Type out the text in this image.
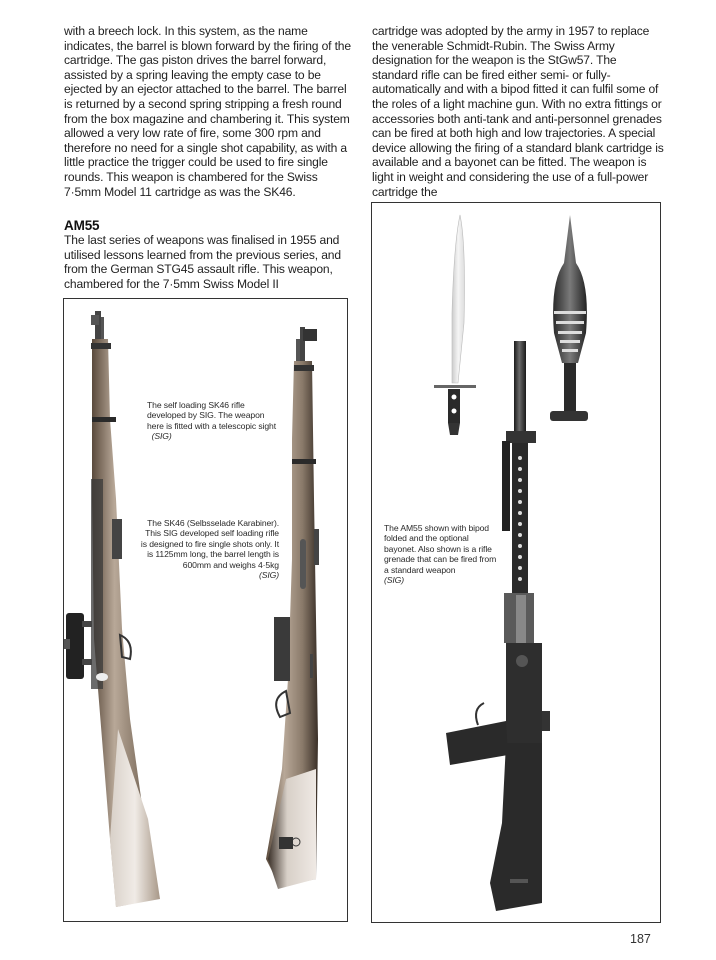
with a breech lock. In this system, as the name indicates, the barrel is blown forward by the firing of the cartridge. The gas piston drives the barrel forward, assisted by a spring leaving the empty case to be ejected by an ejector attached to the barrel. The barrel is returned by a second spring stripping a fresh round from the box magazine and chambering it. This system allowed a very low rate of fire, some 300 rpm and therefore no need for a single shot capability, as with a little practice the trigger could be used to fire single rounds. This weapon is chambered for the Swiss 7·5mm Model 11 cartridge as was the SK46.

AM55

The last series of weapons was finalised in 1955 and utilised lessons learned from the previous series, and from the German STG45 assault rifle. This weapon, chambered for the 7·5mm Swiss Model II

cartridge was adopted by the army in 1957 to replace the venerable Schmidt-Rubin. The Swiss Army designation for the weapon is the StGw57. The standard rifle can be fired either semi- or fully-automatically and with a bipod fitted it can fulfil some of the roles of a light machine gun. With no extra fittings or accessories both anti-tank and anti-personnel grenades can be fired at both high and low trajectories. A special device allowing the firing of a standard blank cartridge is available and a bayonet can be fitted. The weapon is light in weight and considering the use of a full-power cartridge the

The self loading SK46 rifle developed by SIG. The weapon here is fitted with a telescopic sight   (SIG)
The SK46 (Selbsselade Karabiner). This SIG developed self loading rifle is designed to fire single shots only. It is 1125mm long, the barrel length is 600mm and weighs 4·5kg
(SIG)
The AM55 shown with bipod folded and the optional bayonet. Also shown is a rifle grenade that can be fired from a standard weapon
(SIG)
187
